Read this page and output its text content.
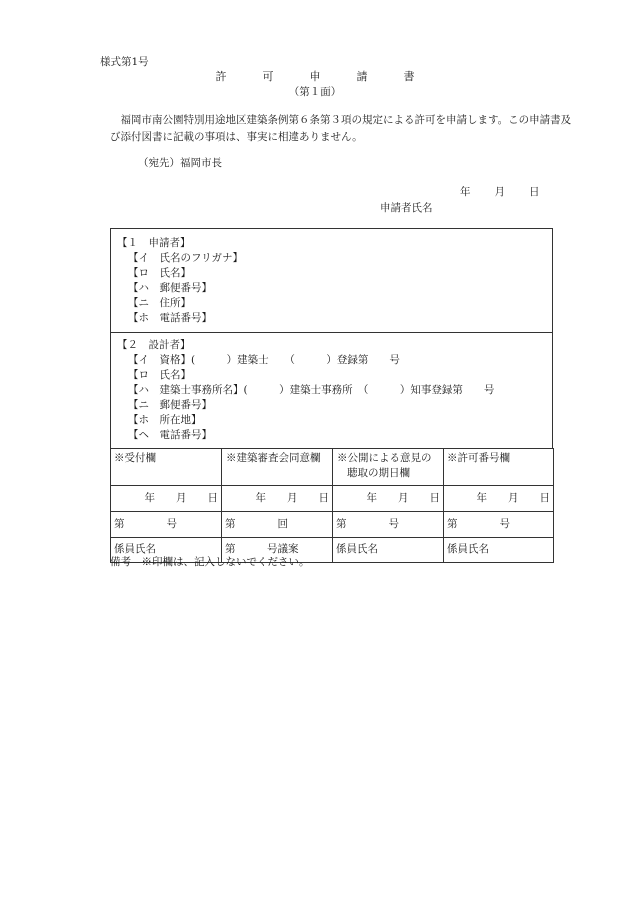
様式第1号
許	可	申	請	書
（第１面）
福岡市南公園特別用途地区建築条例第６条第３項の規定による許可を申請します。この申請書及び添付図書に記載の事項は、事実に相違ありません。
（宛先）福岡市長
年 月 日
申請者氏名
【１　申請者】
【イ　氏名のフリガナ】
【ロ　氏名】
【ハ　郵便番号】
【ニ　住所】
【ホ　電話番号】
【２　設計者】
【イ　資格】(　　　）建築士　　（　　　）登録第　　号
【ロ　氏名】
【ハ　建築士事務所名】(　　　）建築士事務所　（　　　）知事登録第　　号
【ニ　郵便番号】
【ホ　所在地】
【ヘ　電話番号】
※受付欄	※建築審査会同意欄	※公開による意見の聴取の期日欄	※許可番号欄
年　　月　　日	年　　月　　日	年　　月　　日	年　　月　　日
第　　　　号	第　　　　回	第　　　　号	第　　　　号
係員氏名	第　　　号議案	係員氏名	係員氏名
備考　※印欄は、記入しないでください。
